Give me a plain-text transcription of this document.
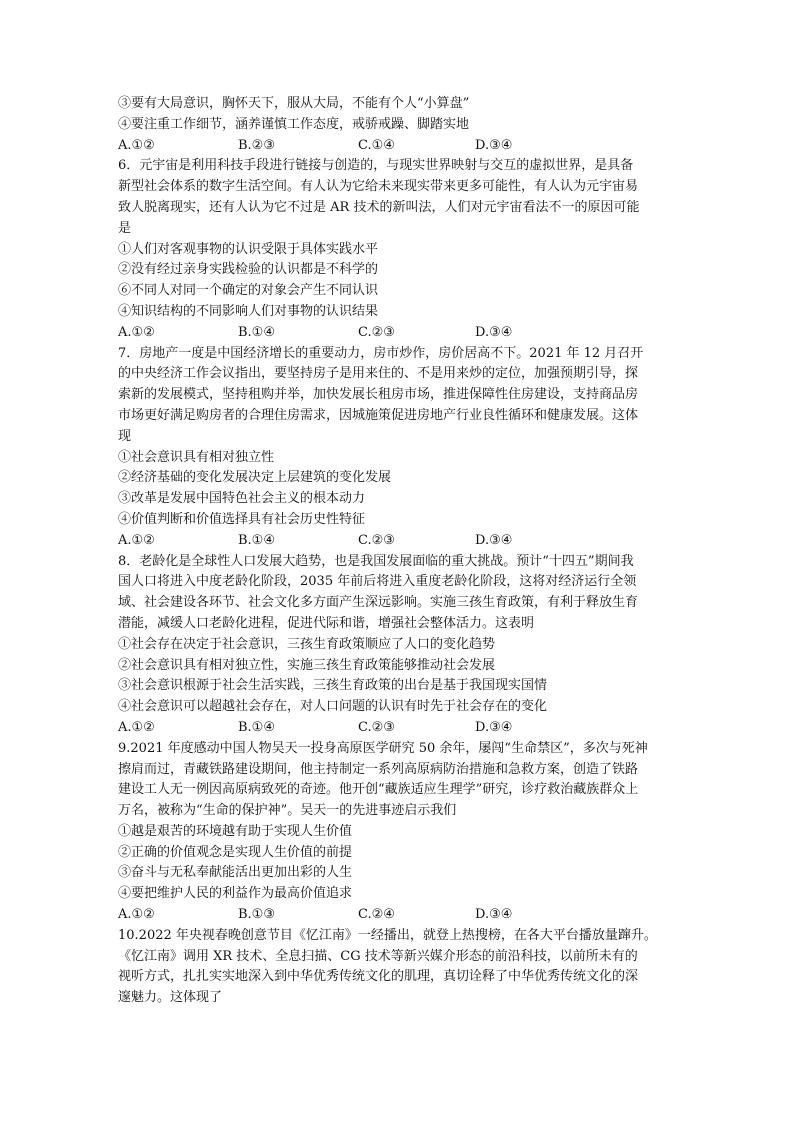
③要有大局意识，胸怀天下，服从大局，不能有个人“小算盘”
④要注重工作细节，涵养谨慎工作态度，戒骄戒躁、脚踏实地
A.①②	B.②③	C.①④	D.③④
6．元宇宙是利用科技手段进行链接与创造的，与现实世界映射与交互的虚拟世界，是具备
新型社会体系的数字生活空间。有人认为它给未来现实带来更多可能性，有人认为元宇宙易
致人脱离现实，还有人认为它不过是 AR 技术的新叫法，人们对元宇宙看法不一的原因可能
是
①人们对客观事物的认识受限于具体实践水平
②没有经过亲身实践检验的认识都是不科学的
⑥不同人对同一个确定的对象会产生不同认识
④知识结构的不同影响人们对事物的认识结果
A.①②	B.①④	C.②③	D.③④
7．房地产一度是中国经济增长的重要动力，房市炒作，房价居高不下。2021 年 12 月召开
的中央经济工作会议指出，要坚持房子是用来住的、不是用来炒的定位，加强预期引导，探
索新的发展模式，坚持租购并举，加快发展长租房市场，推进保障性住房建设，支持商品房
市场更好满足购房者的合理住房需求，因城施策促进房地产行业良性循环和健康发展。这体
现
①社会意识具有相对独立性
②经济基础的变化发展决定上层建筑的变化发展
③改革是发展中国特色社会主义的根本动力
④价值判断和价值选择具有社会历史性特征
A.①②	B.①④	C.②③	D.③④
8．老龄化是全球性人口发展大趋势，也是我国发展面临的重大挑战。预计“十四五”期间我
国人口将进入中度老龄化阶段，2035 年前后将进入重度老龄化阶段，这将对经济运行全领
域、社会建设各环节、社会文化多方面产生深远影响。实施三孩生育政策，有利于释放生育
潜能，减缓人口老龄化进程，促进代际和谐，增强社会整体活力。这表明
①社会存在决定于社会意识，三孩生育政策顺应了人口的变化趋势
②社会意识具有相对独立性，实施三孩生育政策能够推动社会发展
③社会意识根源于社会生活实践，三孩生育政策的出台是基于我国现实国情
④社会意识可以超越社会存在，对人口问题的认识有时先于社会存在的变化
A.①②	B.①④	C.②③	D.③④
9.2021 年度感动中国人物吴天一投身高原医学研究 50 余年，屡闯“生命禁区”，多次与死神
擦肩而过，青藏铁路建设期间，他主持制定一系列高原病防治措施和急救方案，创造了铁路
建设工人无一例因高原病致死的奇迹。他开创“藏族适应生理学”研究，诊疗救治藏族群众上
万名，被称为“生命的保护神”。吴天一的先进事迹启示我们
①越是艰苦的环境越有助于实现人生价值
②正确的价值观念是实现人生价值的前提
③奋斗与无私奉献能活出更加出彩的人生
④要把维护人民的利益作为最高价值追求
A.①②	B.①③	C.②④	D.③④
10.2022 年央视春晚创意节目《忆江南》一经播出，就登上热搜榜，在各大平台播放量蹿升。
《忆江南》调用 XR 技术、全息扫描、CG 技术等新兴媒介形态的前沿科技，以前所未有的
视听方式，扎扎实实地深入到中华优秀传统文化的肌理，真切诠释了中华优秀传统文化的深
邃魅力。这体现了
